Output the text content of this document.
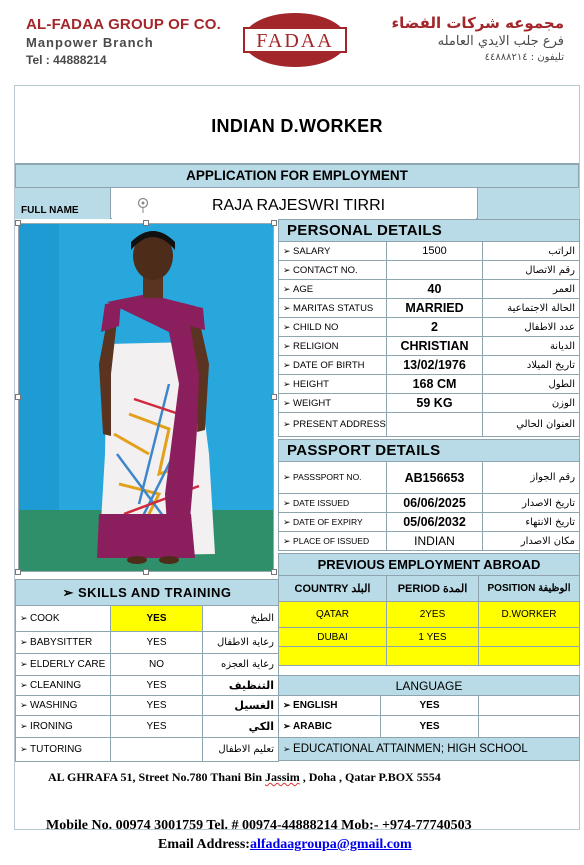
AL-FADAA GROUP OF CO.
Manpower Branch
Tel : 44888214
FADAA
مجموعه شركات الفضاء
فرع جلب الايدي العامله
تليفون : ٤٤٨٨٨٢١٤
INDIAN D.WORKER
APPLICATION FOR EMPLOYMENT
RAJA RAJESWRI TIRRI
FULL NAME
PERSONAL DETAILS		
➢ SALARY	1500	الراتب
➢ CONTACT NO.		رقم الاتصال
➢ AGE	40	العمر
➢ MARITAS STATUS	MARRIED	الحالة الاجتماعية
➢ CHILD NO	2	عدد الاطفال
➢ RELIGION	CHRISTIAN	الديانة
➢ DATE OF BIRTH	13/02/1976	تاريخ الميلاد
➢ HEIGHT	168 CM	الطول
➢ WEIGHT	59 KG	الوزن
➢ PRESENT ADDRESS		العنوان الحالي
PASSPORT DETAILS		
➢ PASSSPORT NO.	AB156653	رقم الجواز
➢ DATE ISSUED	06/06/2025	تاريخ الاصدار
➢ DATE OF EXPIRY	05/06/2032	تاريخ الانتهاء
➢ PLACE OF ISSUED	INDIAN	مكان الاصدار
PREVIOUS EMPLOYMENT ABROAD		
COUNTRY البلد	PERIOD المدة	POSITION الوظيفة
QATAR	2YES	D.WORKER
DUBAI	1 YES	

➢ SKILLS AND TRAINING		
➢ COOK	YES	الطبخ
➢ BABYSITTER	YES	رعاية الاطفال
➢ ELDERLY CARE	NO	رعاية العجزه
➢ CLEANING	YES	التنظيف
➢ WASHING	YES	الغسيل
➢ IRONING	YES	الكي
➢ TUTORING		تعليم الاطفال
LANGUAGE		
➢ ENGLISH	YES	
➢ ARABIC	YES	
➢ EDUCATIONAL ATTAINMEN; HIGH SCHOOL
AL GHRAFA 51, Street No.780 Thani Bin Jassim , Doha , Qatar P.BOX 5554
Mobile No. 00974 3001759 Tel. # 00974-44888214 Mob:- +974-77740503
Email Address:alfadaagroupa@gmail.com
